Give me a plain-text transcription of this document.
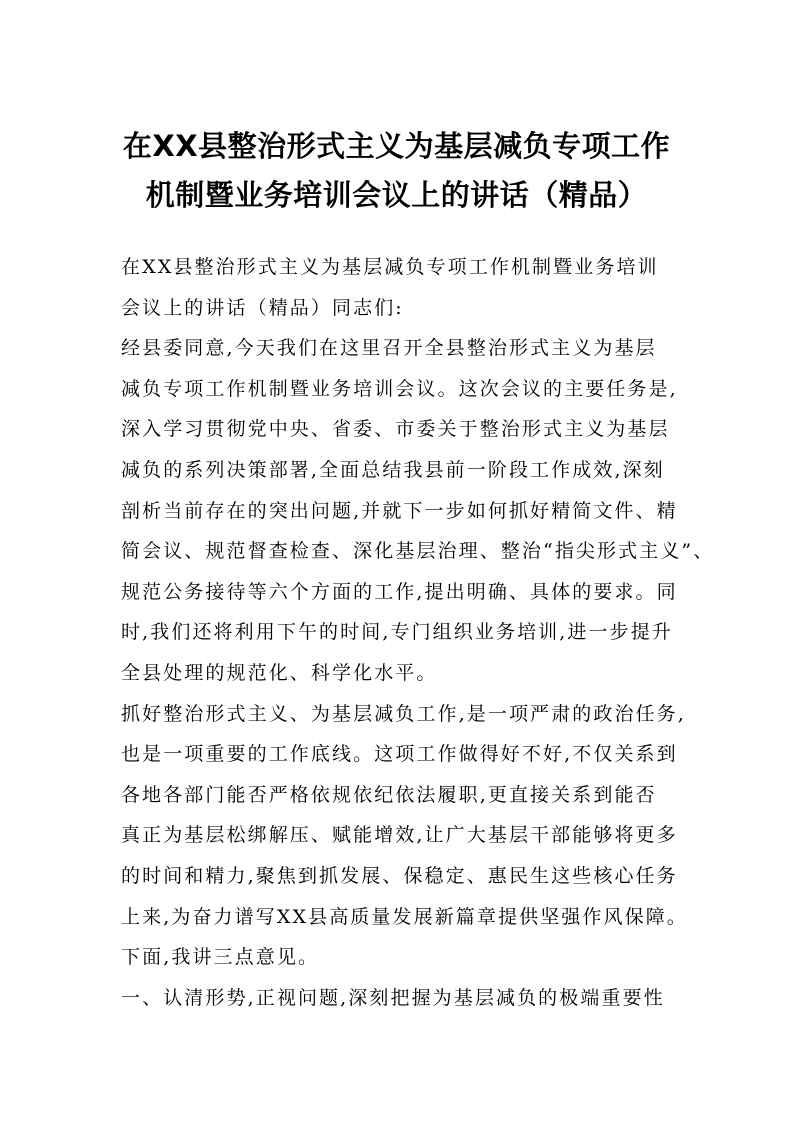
在XX县整治形式主义为基层减负专项工作
机制暨业务培训会议上的讲话（精品）
在XX县整治形式主义为基层减负专项工作机制暨业务培训
会议上的讲话（精品）同志们:
经县委同意,今天我们在这里召开全县整治形式主义为基层
减负专项工作机制暨业务培训会议。这次会议的主要任务是,
深入学习贯彻党中央、省委、市委关于整治形式主义为基层
减负的系列决策部署,全面总结我县前一阶段工作成效,深刻
剖析当前存在的突出问题,并就下一步如何抓好精简文件、精
简会议、规范督查检查、深化基层治理、整治“指尖形式主义”、
规范公务接待等六个方面的工作,提出明确、具体的要求。同
时,我们还将利用下午的时间,专门组织业务培训,进一步提升
全县处理的规范化、科学化水平。
抓好整治形式主义、为基层减负工作,是一项严肃的政治任务,
也是一项重要的工作底线。这项工作做得好不好,不仅关系到
各地各部门能否严格依规依纪依法履职,更直接关系到能否
真正为基层松绑解压、赋能增效,让广大基层干部能够将更多
的时间和精力,聚焦到抓发展、保稳定、惠民生这些核心任务
上来,为奋力谱写XX县高质量发展新篇章提供坚强作风保障。
下面,我讲三点意见。
一、认清形势,正视问题,深刻把握为基层减负的极端重要性
